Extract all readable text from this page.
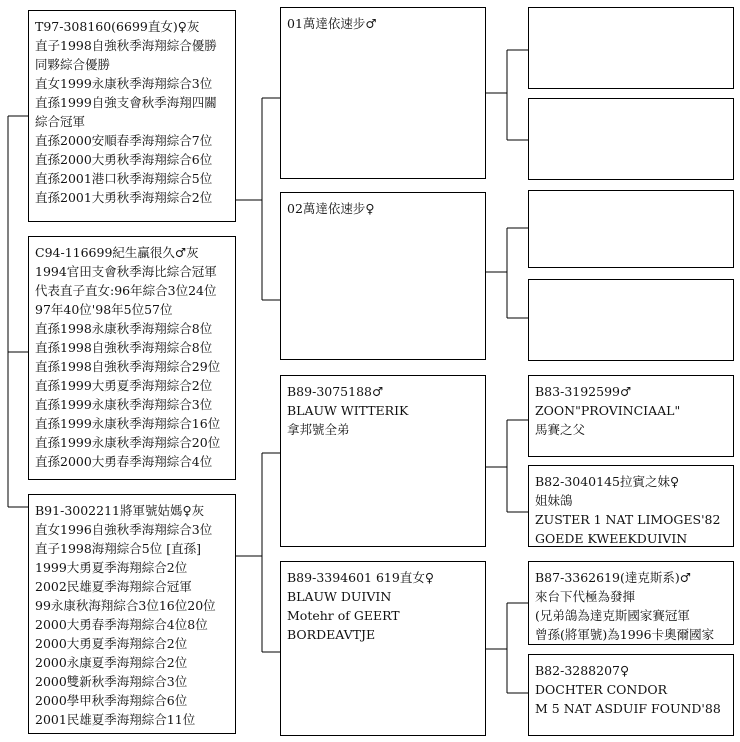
T97-308160(6699直女)♀灰
直子1998自強秋季海翔綜合優勝
同夥綜合優勝
直女1999永康秋季海翔綜合3位
直孫1999自強支會秋季海翔四關
綜合冠軍
直孫2000安順春季海翔綜合7位
直孫2000大勇秋季海翔綜合6位
直孫2001港口秋季海翔綜合5位
直孫2001大勇秋季海翔綜合2位
C94-116699紀生贏很久♂灰
1994官田支會秋季海比綜合冠軍
代表直子直女:96年綜合3位24位
97年40位'98年5位57位
直孫1998永康秋季海翔綜合8位
直孫1998自強秋季海翔綜合8位
直孫1998自強秋季海翔綜合29位
直孫1999大勇夏季海翔綜合2位
直孫1999永康秋季海翔綜合3位
直孫1999永康秋季海翔綜合16位
直孫1999永康秋季海翔綜合20位
直孫2000大勇春季海翔綜合4位
B91-3002211將軍號姑媽♀灰
直女1996自強秋季海翔綜合3位
直子1998海翔綜合5位 [直孫]
1999大勇夏季海翔綜合2位
2002民雄夏季海翔綜合冠軍
99永康秋海翔綜合3位16位20位
2000大勇春季海翔綜合4位8位
2000大勇夏季海翔綜合2位
2000永康夏季海翔綜合2位
2000雙新秋季海翔綜合3位
2000學甲秋季海翔綜合6位
2001民雄夏季海翔綜合11位
01萬達依速步♂
02萬達依速步♀
B89-3075188♂
BLAUW WITTERIK
拿邦號全弟
B89-3394601 619直女♀
BLAUW DUIVIN
Motehr of GEERT
BORDEAVTJE
B83-3192599♂
ZOON"PROVINCIAAL"
馬賽之父
B82-3040145拉賓之妹♀
姐妹鴿
ZUSTER 1 NAT LIMOGES'82
GOEDE KWEEKDUIVIN
B87-3362619(達克斯系)♂
來台下代極為發揮
(兄弟鴿為達克斯國家賽冠軍
曾孫(將軍號)為1996卡奧爾國家
B82-3288207♀
DOCHTER CONDOR
M 5 NAT ASDUIF FOUND'88
